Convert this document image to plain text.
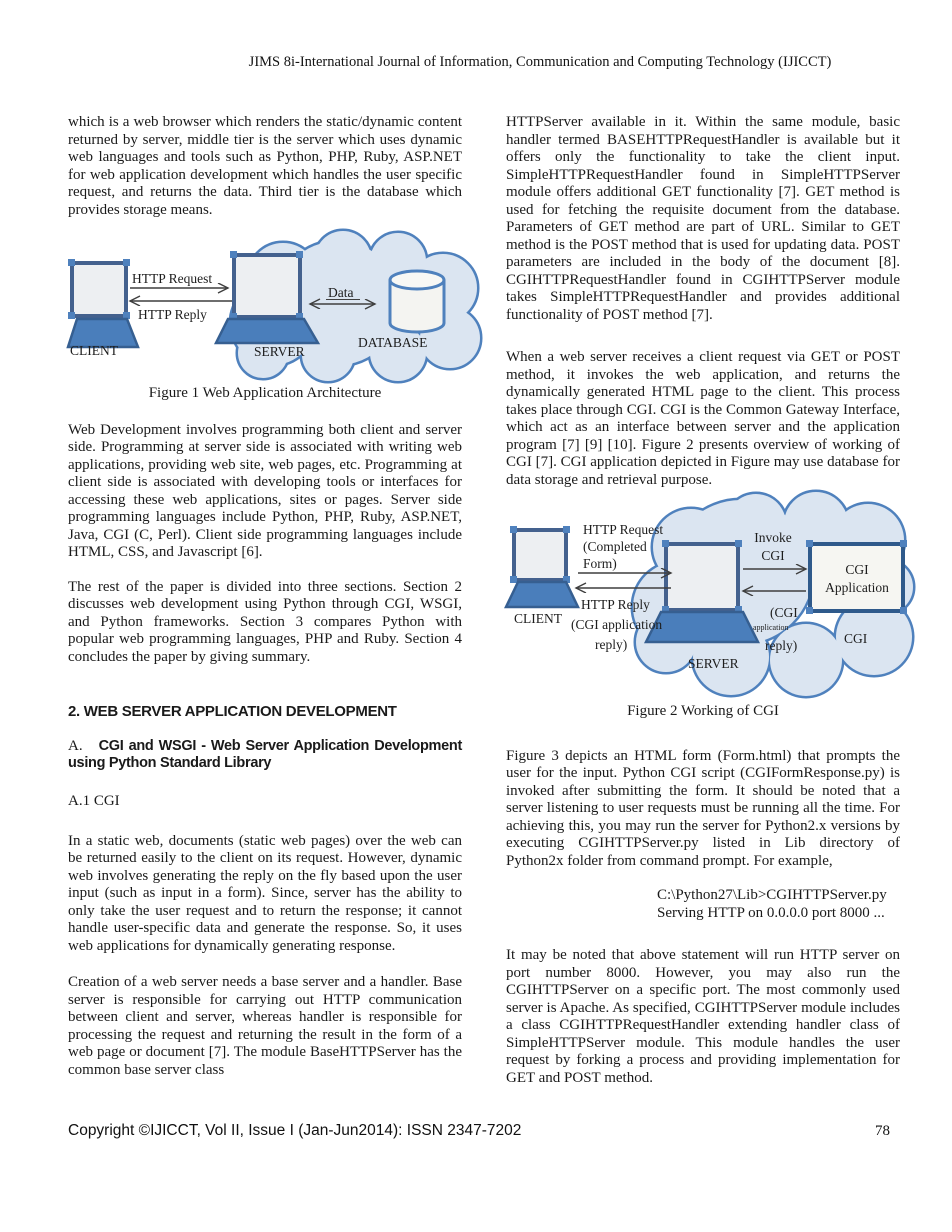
JIMS 8i-International Journal of Information, Communication and Computing Technology (IJICCT)

which is a web browser which renders the static/dynamic content returned by server, middle tier is the server which uses dynamic web languages and tools such as Python, PHP, Ruby, ASP.NET for web application development which handles the user specific request, and returns the data. Third tier is the database which provides storage means.

CLIENT	SERVER
DATABASE
HTTP Request
HTTP Reply
Data
Figure 1 Web Application Architecture

Web Development involves programming both client and server side. Programming at server side is associated with writing web applications, providing web site, web pages, etc. Programming at client side is associated with developing tools or interfaces for accessing these web applications, sites or pages. Server side programming languages include Python, PHP, Ruby, ASP.NET, Java, CGI (C, Perl). Client side programming languages include HTML, CSS, and Javascript [6].

The rest of the paper is divided into three sections. Section 2 discusses web development using Python through CGI, WSGI, and Python frameworks. Section 3 compares Python with popular web programming languages, PHP and Ruby. Section 4 concludes the paper by giving summary.

2. WEB SERVER APPLICATION DEVELOPMENT

A. CGI and WSGI - Web Server Application Development using Python Standard Library

A.1 CGI

In a static web, documents (static web pages) over the web can be returned easily to the client on its request. However, dynamic web involves generating the reply on the fly based upon the user input (such as input in a form). Since, server has the ability to only take the user request and to return the response; it cannot handle user-specific data and generate the response. So, it uses web applications for dynamically generating response.

Creation of a web server needs a base server and a handler. Base server is responsible for carrying out HTTP communication between client and server, whereas handler is responsible for processing the request and returning the result in the form of a web page or document [7]. The module BaseHTTPServer has the common base server class

HTTPServer available in it. Within the same module, basic handler termed BASEHTTPRequestHandler is available but it offers only the functionality to take the client input. SimpleHTTPRequestHandler found in SimpleHTTPServer module offers additional GET functionality [7]. GET method is used for fetching the requisite document from the database. Parameters of GET method are part of URL. Similar to GET method is the POST method that is used for updating data. POST parameters are included in the body of the document [8]. CGIHTTPRequestHandler found in CGIHTTPServer module takes SimpleHTTPRequestHandler and provides additional functionality of POST method [7].

When a web server receives a client request via GET or POST method, it invokes the web application, and returns the dynamically generated HTML page to the client. This process takes place through CGI. CGI is the Common Gateway Interface, which act as an interface between server and the application program [7] [9] [10]. Figure 2 presents overview of working of CGI [7]. CGI application depicted in Figure may use database for data storage and retrieval purpose.

CLIENT
SERVER
CGI
Application
HTTP Request
(Completed
Form)
HTTP Reply
(CGI application
reply)
Invoke
CGI
(CGI
application
reply)	CGI
Figure 2 Working of CGI

Figure 3 depicts an HTML form (Form.html) that prompts the user for the input. Python CGI script (CGIFormResponse.py) is invoked after submitting the form. It should be noted that a server listening to user requests must be running all the time. For achieving this, you may run the server for Python2.x versions by executing CGIHTTPServer.py listed in Lib directory of Python2x folder from command prompt. For example,

C:\Python27\Lib>CGIHTTPServer.py
Serving HTTP on 0.0.0.0 port 8000 ...

It may be noted that above statement will run HTTP server on port number 8000. However, you may also run the CGIHTTPServer on a specific port. The most commonly used server is Apache. As specified, CGIHTTPServer module includes a class CGIHTTPRequestHandler extending handler class of SimpleHTTPServer module. This module handles the user request by forking a process and providing implementation for GET and POST method.

Copyright ©IJICCT, Vol II, Issue I (Jan-Jun2014): ISSN 2347-7202	78
